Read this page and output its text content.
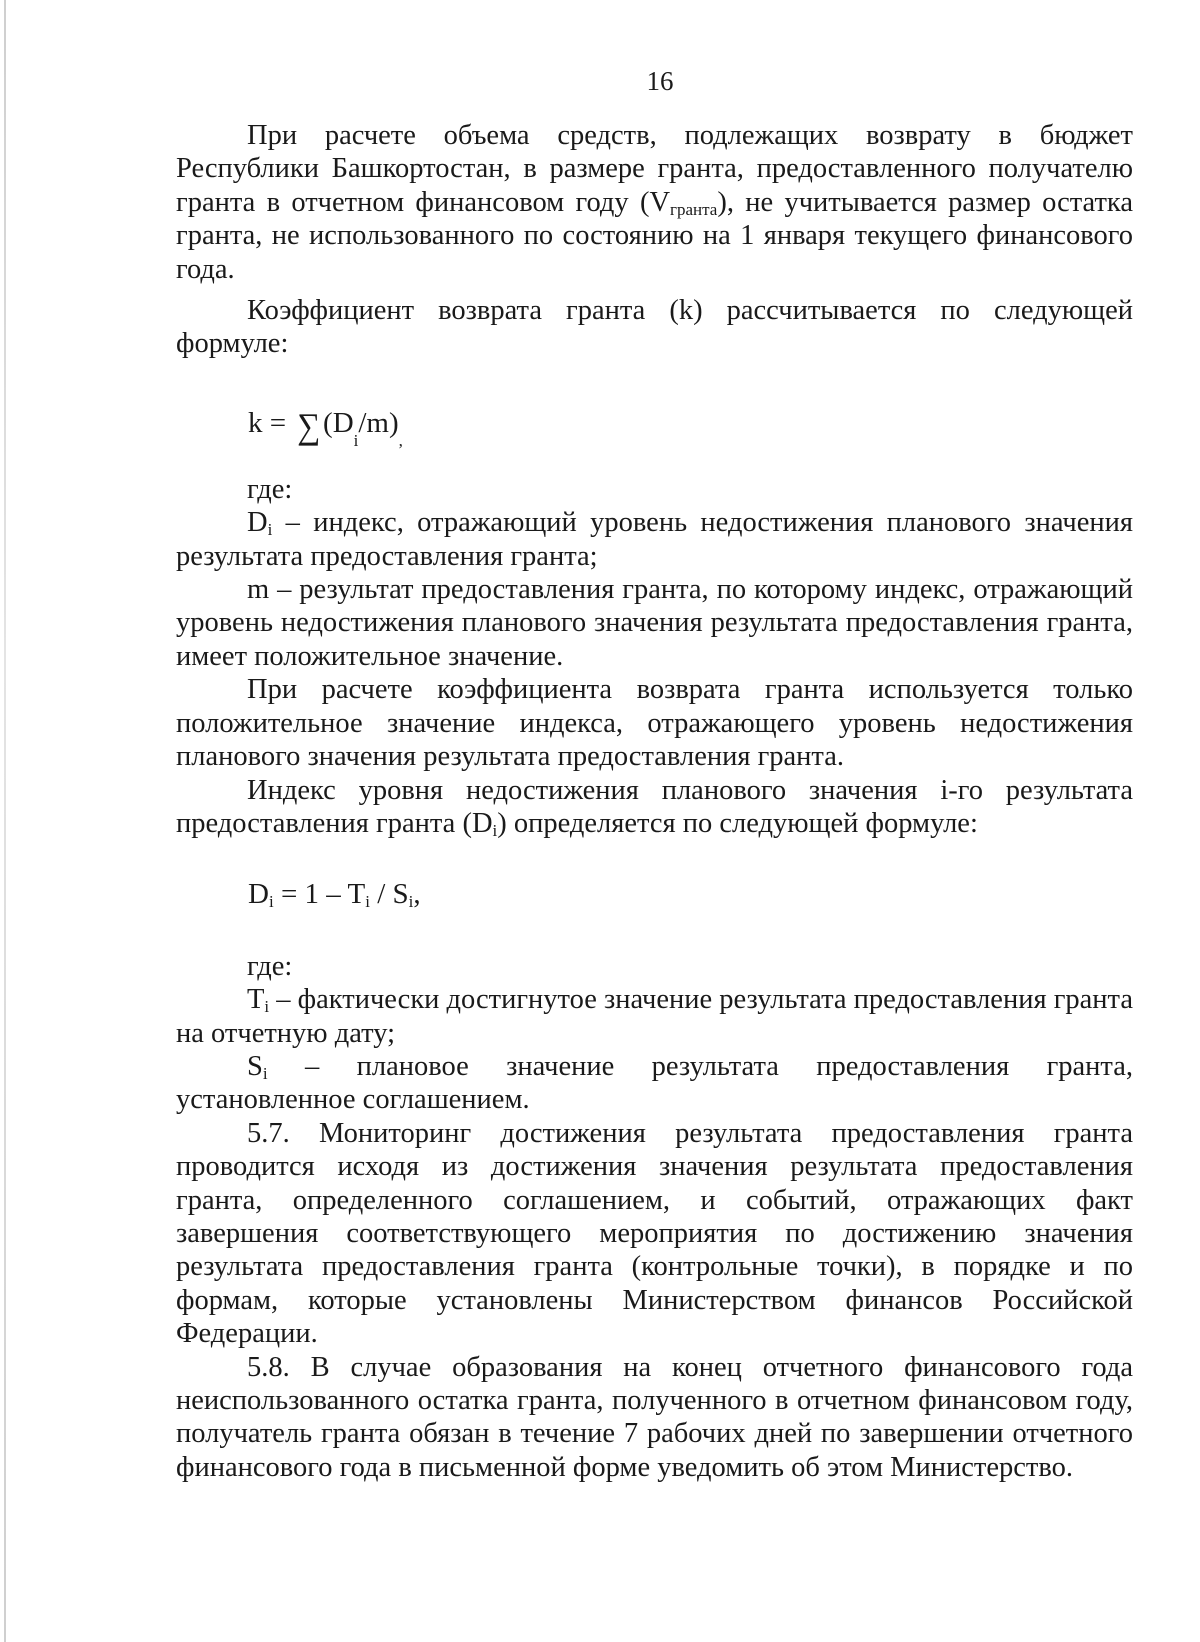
16

При расчете объема средств, подлежащих возврату в бюджет Республики Башкортостан, в размере гранта, предоставленного получателю гранта в отчетном финансовом году $(V_{гранта})$, не учитывается размер остатка гранта, не использованного по состоянию на 1 января текущего финансового года.

Коэффициент возврата гранта (k) рассчитывается по следующей формуле:

k =
∑ (D
i
/m)
,

где:

$D_i$ – индекс, отражающий уровень недостижения планового значения результата предоставления гранта;

m – результат предоставления гранта, по которому индекс, отражающий уровень недостижения планового значения результата предоставления гранта, имеет положительное значение.

При расчете коэффициента возврата гранта используется только положительное значение индекса, отражающего уровень недостижения планового значения результата предоставления гранта.

Индекс уровня недостижения планового значения i-го результата предоставления гранта $(D_i)$ определяется по следующей формуле:

$D_i = 1 - T_i / S_i$,

где:

$T_i$ – фактически достигнутое значение результата предоставления гранта на отчетную дату;

$S_i$ – плановое значение результата предоставления гранта, установленное соглашением.

5.7. Мониторинг достижения результата предоставления гранта проводится исходя из достижения значения результата предоставления гранта, определенного соглашением, и событий, отражающих факт завершения соответствующего мероприятия по достижению значения результата предоставления гранта (контрольные точки), в порядке и по формам, которые установлены Министерством финансов Российской Федерации.

5.8. В случае образования на конец отчетного финансового года неиспользованного остатка гранта, полученного в отчетном финансовом году, получатель гранта обязан в течение 7 рабочих дней по завершении отчетного финансового года в письменной форме уведомить об этом Министерство.
